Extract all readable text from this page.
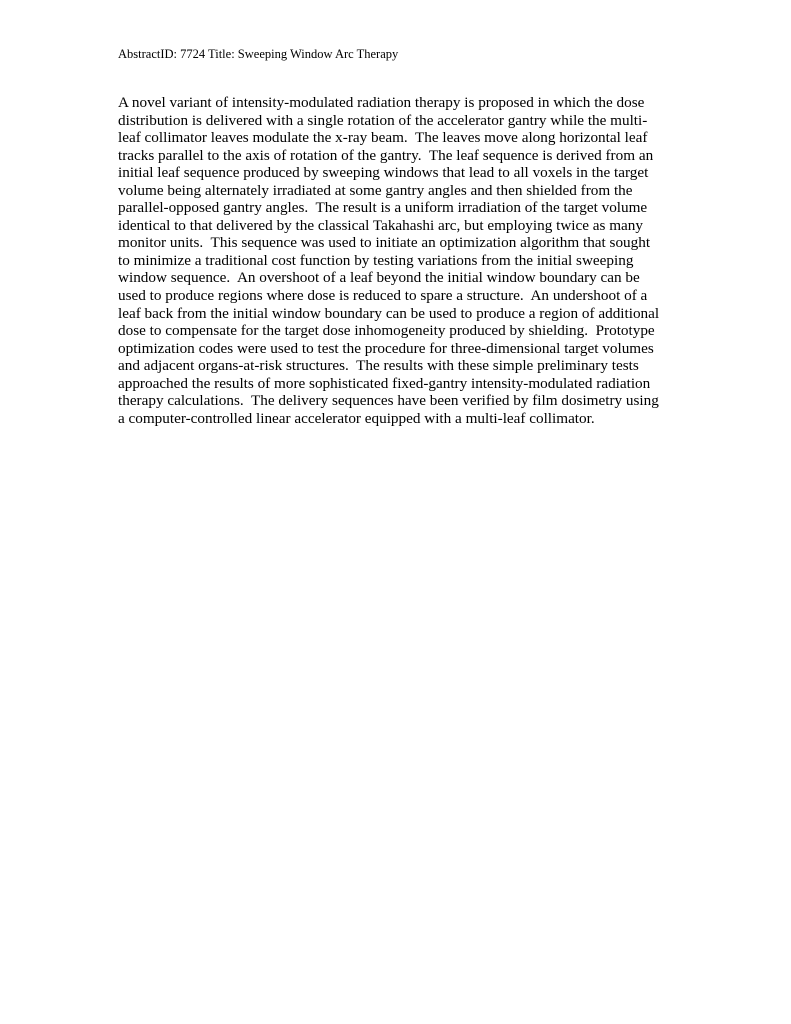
AbstractID: 7724 Title: Sweeping Window Arc Therapy
A novel variant of intensity-modulated radiation therapy is proposed in which the dose
distribution is delivered with a single rotation of the accelerator gantry while the multi-
leaf collimator leaves modulate the x-ray beam.  The leaves move along horizontal leaf
tracks parallel to the axis of rotation of the gantry.  The leaf sequence is derived from an
initial leaf sequence produced by sweeping windows that lead to all voxels in the target
volume being alternately irradiated at some gantry angles and then shielded from the
parallel-opposed gantry angles.  The result is a uniform irradiation of the target volume
identical to that delivered by the classical Takahashi arc, but employing twice as many
monitor units.  This sequence was used to initiate an optimization algorithm that sought
to minimize a traditional cost function by testing variations from the initial sweeping
window sequence.  An overshoot of a leaf beyond the initial window boundary can be
used to produce regions where dose is reduced to spare a structure.  An undershoot of a
leaf back from the initial window boundary can be used to produce a region of additional
dose to compensate for the target dose inhomogeneity produced by shielding.  Prototype
optimization codes were used to test the procedure for three-dimensional target volumes
and adjacent organs-at-risk structures.  The results with these simple preliminary tests
approached the results of more sophisticated fixed-gantry intensity-modulated radiation
therapy calculations.  The delivery sequences have been verified by film dosimetry using
a computer-controlled linear accelerator equipped with a multi-leaf collimator.
